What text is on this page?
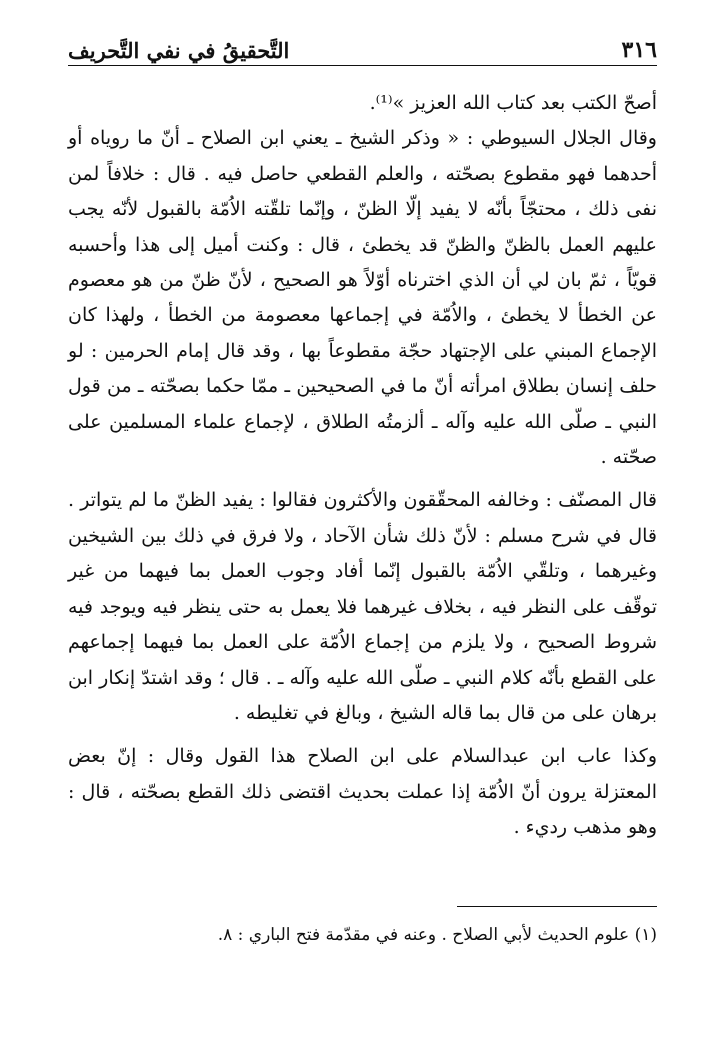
٣١٦
التَّحقيقُ في نفي التَّحريف

أصحّ الكتب بعد كتاب الله العزيز »⁽¹⁾.

وقال الجلال السيوطي : « وذكر الشيخ ـ يعني ابن الصلاح ـ أنّ ما روياه أو أحدهما فهو مقطوع بصحّته ، والعلم القطعي حاصل فيه . قال : خلافاً لمن نفى ذلك ، محتجّاً بأنّه لا يفيد إلّا الظنّ ، وإنّما تلقّته الاُمّة بالقبول لأنّه يجب عليهم العمل بالظنّ والظنّ قد يخطئ ، قال : وكنت أميل إلى هذا وأحسبه قويّاً ، ثمّ بان لي أن الذي اخترناه أوّلاً هو الصحيح ، لأنّ ظنّ من هو معصوم عن الخطأ لا يخطئ ، والاُمّة في إجماعها معصومة من الخطأ ، ولهذا كان الإجماع المبني على الإجتهاد حجّة مقطوعاً بها ، وقد قال إمام الحرمين : لو حلف إنسان بطلاق امرأته أنّ ما في الصحيحين ـ ممّا حكما بصحّته ـ من قول النبي ـ صلّى الله عليه وآله ـ ألزمتُه الطلاق ، لإجماع علماء المسلمين على صحّته .

قال المصنّف : وخالفه المحقّقون والأكثرون فقالوا : يفيد الظنّ ما لم يتواتر . قال في شرح مسلم : لأنّ ذلك شأن الآحاد ، ولا فرق في ذلك بين الشيخين وغيرهما ، وتلقّي الاُمّة بالقبول إنّما أفاد وجوب العمل بما فيهما من غير توقّف على النظر فيه ، بخلاف غيرهما فلا يعمل به حتى ينظر فيه ويوجد فيه شروط الصحيح ، ولا يلزم من إجماع الاُمّة على العمل بما فيهما إجماعهم على القطع بأنّه كلام النبي ـ صلّى الله عليه وآله ـ . قال ؛ وقد اشتدّ إنكار ابن برهان على من قال بما قاله الشيخ ، وبالغ في تغليطه .

وكذا عاب ابن عبدالسلام على ابن الصلاح هذا القول وقال : إنّ بعض المعتزلة يرون أنّ الاُمّة إذا عملت بحديث اقتضى ذلك القطع بصحّته ، قال : وهو مذهب رديء .

(١) علوم الحديث لأبي الصلاح . وعنه في مقدّمة فتح الباري : ٨.
